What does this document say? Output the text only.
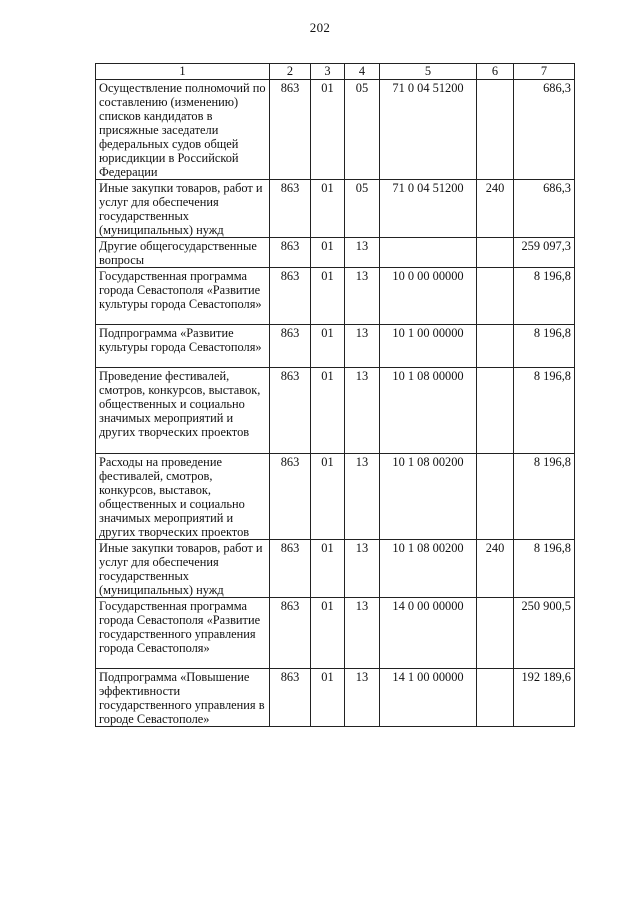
202
1	2	3	4	5	6	7
Осуществление полномочий по составлению (изменению) списков кандидатов в присяжные заседатели федеральных судов общей юрисдикции в Российской Федерации	863	01	05	71 0 04 51200		686,3
Иные закупки товаров, работ и услуг для обеспечения государственных (муниципальных) нужд	863	01	05	71 0 04 51200	240	686,3
Другие общегосударственные вопросы	863	01	13			259 097,3
Государственная программа города Севастополя «Развитие культуры города Севастополя»	863	01	13	10 0 00 00000		8 196,8
Подпрограмма «Развитие культуры города Севастополя»	863	01	13	10 1 00 00000		8 196,8
Проведение фестивалей, смотров, конкурсов, выставок, общественных и социально значимых мероприятий и других творческих проектов	863	01	13	10 1 08 00000		8 196,8
Расходы на проведение фестивалей, смотров, конкурсов, выставок, общественных и социально значимых мероприятий и других творческих проектов	863	01	13	10 1 08 00200		8 196,8
Иные закупки товаров, работ и услуг для обеспечения государственных (муниципальных) нужд	863	01	13	10 1 08 00200	240	8 196,8
Государственная программа города Севастополя «Развитие государственного управления города Севастополя»	863	01	13	14 0 00 00000		250 900,5
Подпрограмма «Повышение эффективности государственного управления в городе Севастополе»	863	01	13	14 1 00 00000		192 189,6
